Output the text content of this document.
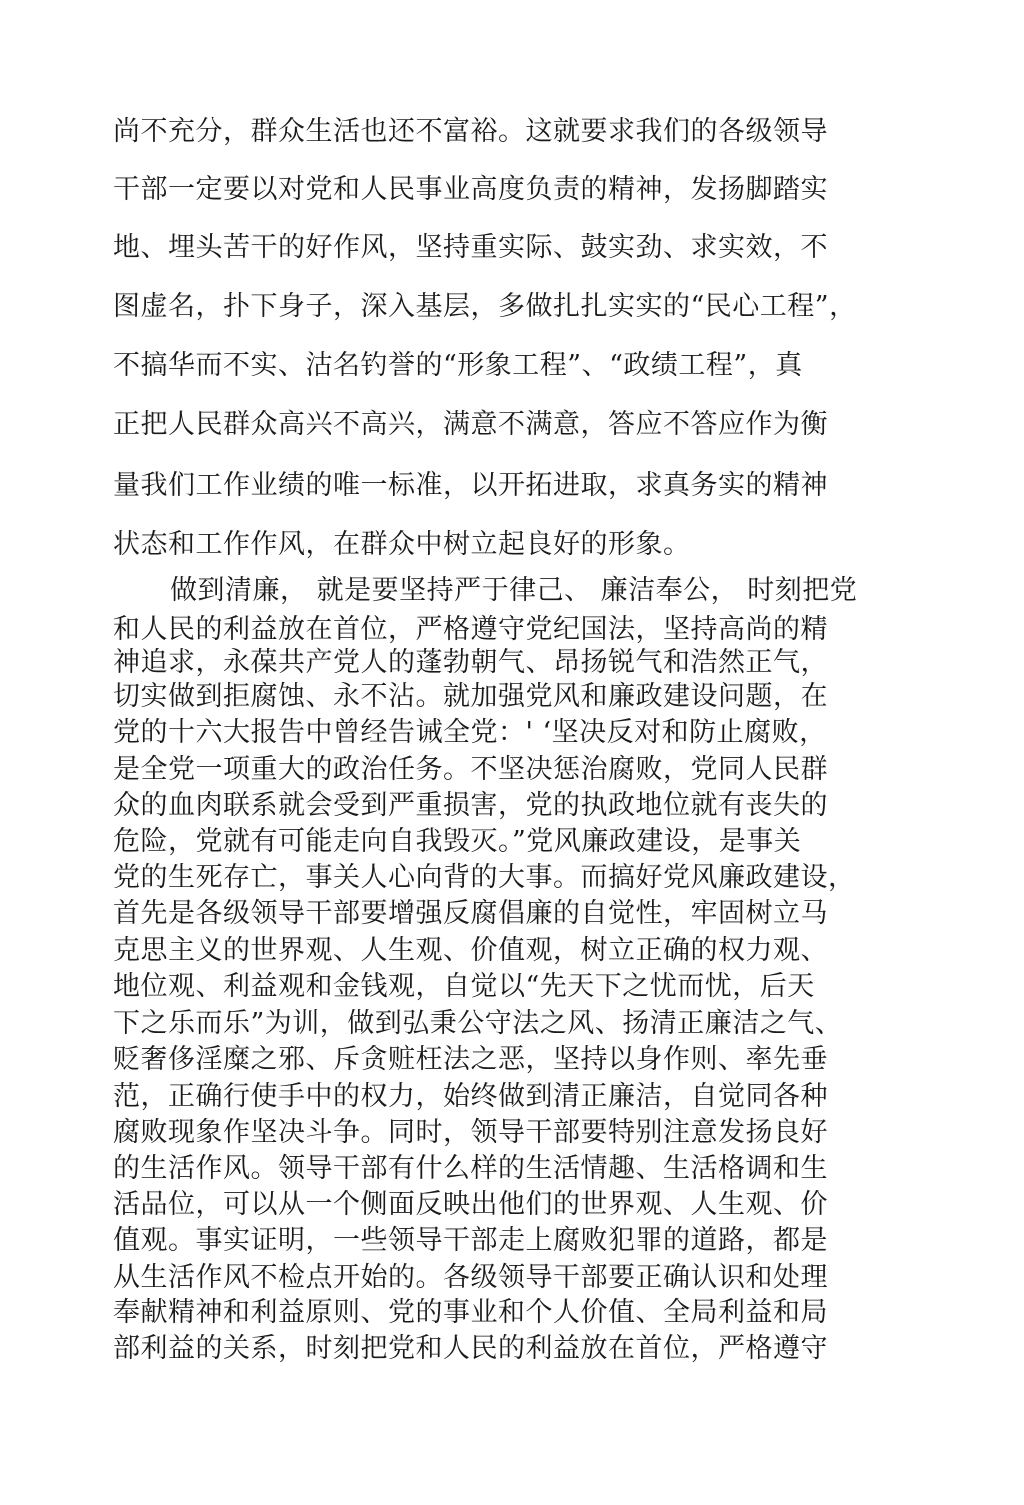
尚不充分，群众生活也还不富裕。这就要求我们的各级领导
干部一定要以对党和人民事业高度负责的精神，发扬脚踏实
地、埋头苦干的好作风，坚持重实际、鼓实劲、求实效，不
图虚名，扑下身子，深入基层，多做扎扎实实的“民心工程”，
不搞华而不实、沽名钓誉的“形象工程”、“政绩工程”，真
正把人民群众高兴不高兴，满意不满意，答应不答应作为衡
量我们工作业绩的唯一标准，以开拓进取，求真务实的精神
状态和工作作风，在群众中树立起良好的形象。
做到清廉， 就是要坚持严于律己、 廉洁奉公， 时刻把党
和人民的利益放在首位，严格遵守党纪国法，坚持高尚的精
神追求，永葆共产党人的蓬勃朝气、昂扬锐气和浩然正气，
切实做到拒腐蚀、永不沾。就加强党风和廉政建设问题，在
党的十六大报告中曾经告诫全党：' ‘坚决反对和防止腐败，
是全党一项重大的政治任务。不坚决惩治腐败，党同人民群
众的血肉联系就会受到严重损害，党的执政地位就有丧失的
危险，党就有可能走向自我毁灭。”党风廉政建设，是事关
党的生死存亡，事关人心向背的大事。而搞好党风廉政建设，
首先是各级领导干部要增强反腐倡廉的自觉性，牢固树立马
克思主义的世界观、人生观、价值观，树立正确的权力观、
地位观、利益观和金钱观，自觉以“先天下之忧而忧，后天
下之乐而乐”为训，做到弘秉公守法之风、扬清正廉洁之气、
贬奢侈淫糜之邪、斥贪赃枉法之恶，坚持以身作则、率先垂
范，正确行使手中的权力，始终做到清正廉洁，自觉同各种
腐败现象作坚决斗争。同时，领导干部要特别注意发扬良好
的生活作风。领导干部有什么样的生活情趣、生活格调和生
活品位，可以从一个侧面反映出他们的世界观、人生观、价
值观。事实证明，一些领导干部走上腐败犯罪的道路，都是
从生活作风不检点开始的。各级领导干部要正确认识和处理
奉献精神和利益原则、党的事业和个人价值、全局利益和局
部利益的关系，时刻把党和人民的利益放在首位，严格遵守
